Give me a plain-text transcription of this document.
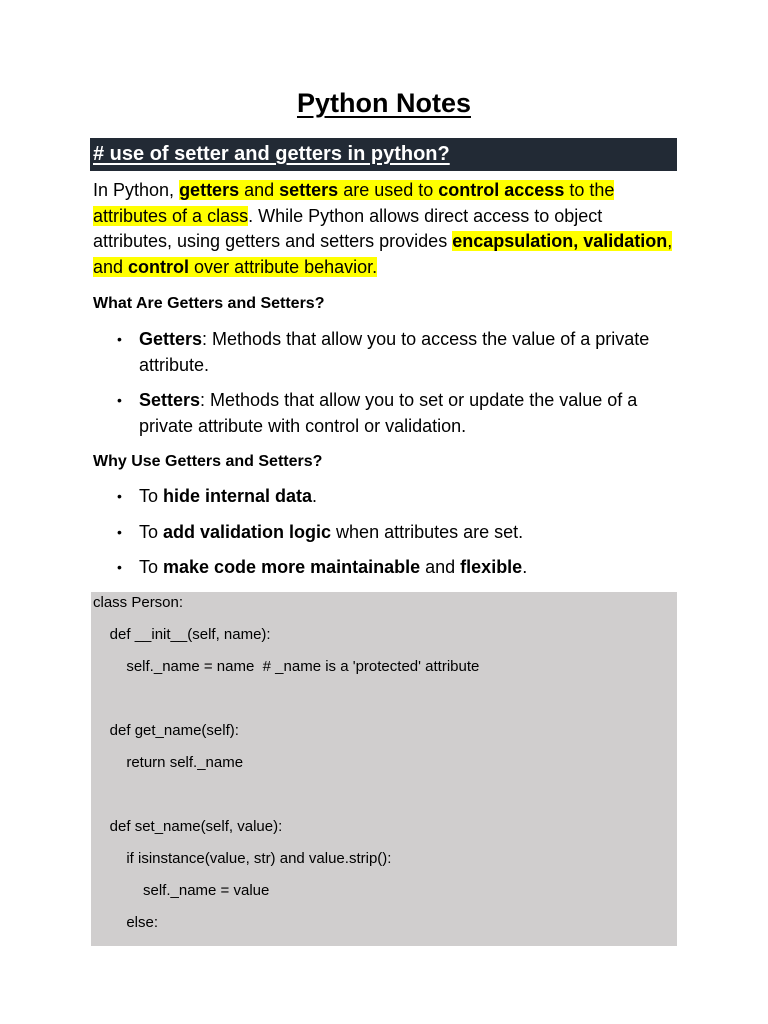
Python Notes
# use of setter and getters in python?
In Python, getters and setters are used to control access to the attributes of a class. While Python allows direct access to object attributes, using getters and setters provides encapsulation, validation, and control over attribute behavior.
What Are Getters and Setters?
• Getters: Methods that allow you to access the value of a private attribute.
• Setters: Methods that allow you to set or update the value of a private attribute with control or validation.
Why Use Getters and Setters?
• To hide internal data.
• To add validation logic when attributes are set.
• To make code more maintainable and flexible.
class Person:
def __init__(self, name):
self._name = name  # _name is a 'protected' attribute
def get_name(self):
return self._name
def set_name(self, value):
if isinstance(value, str) and value.strip():
self._name = value
else:
